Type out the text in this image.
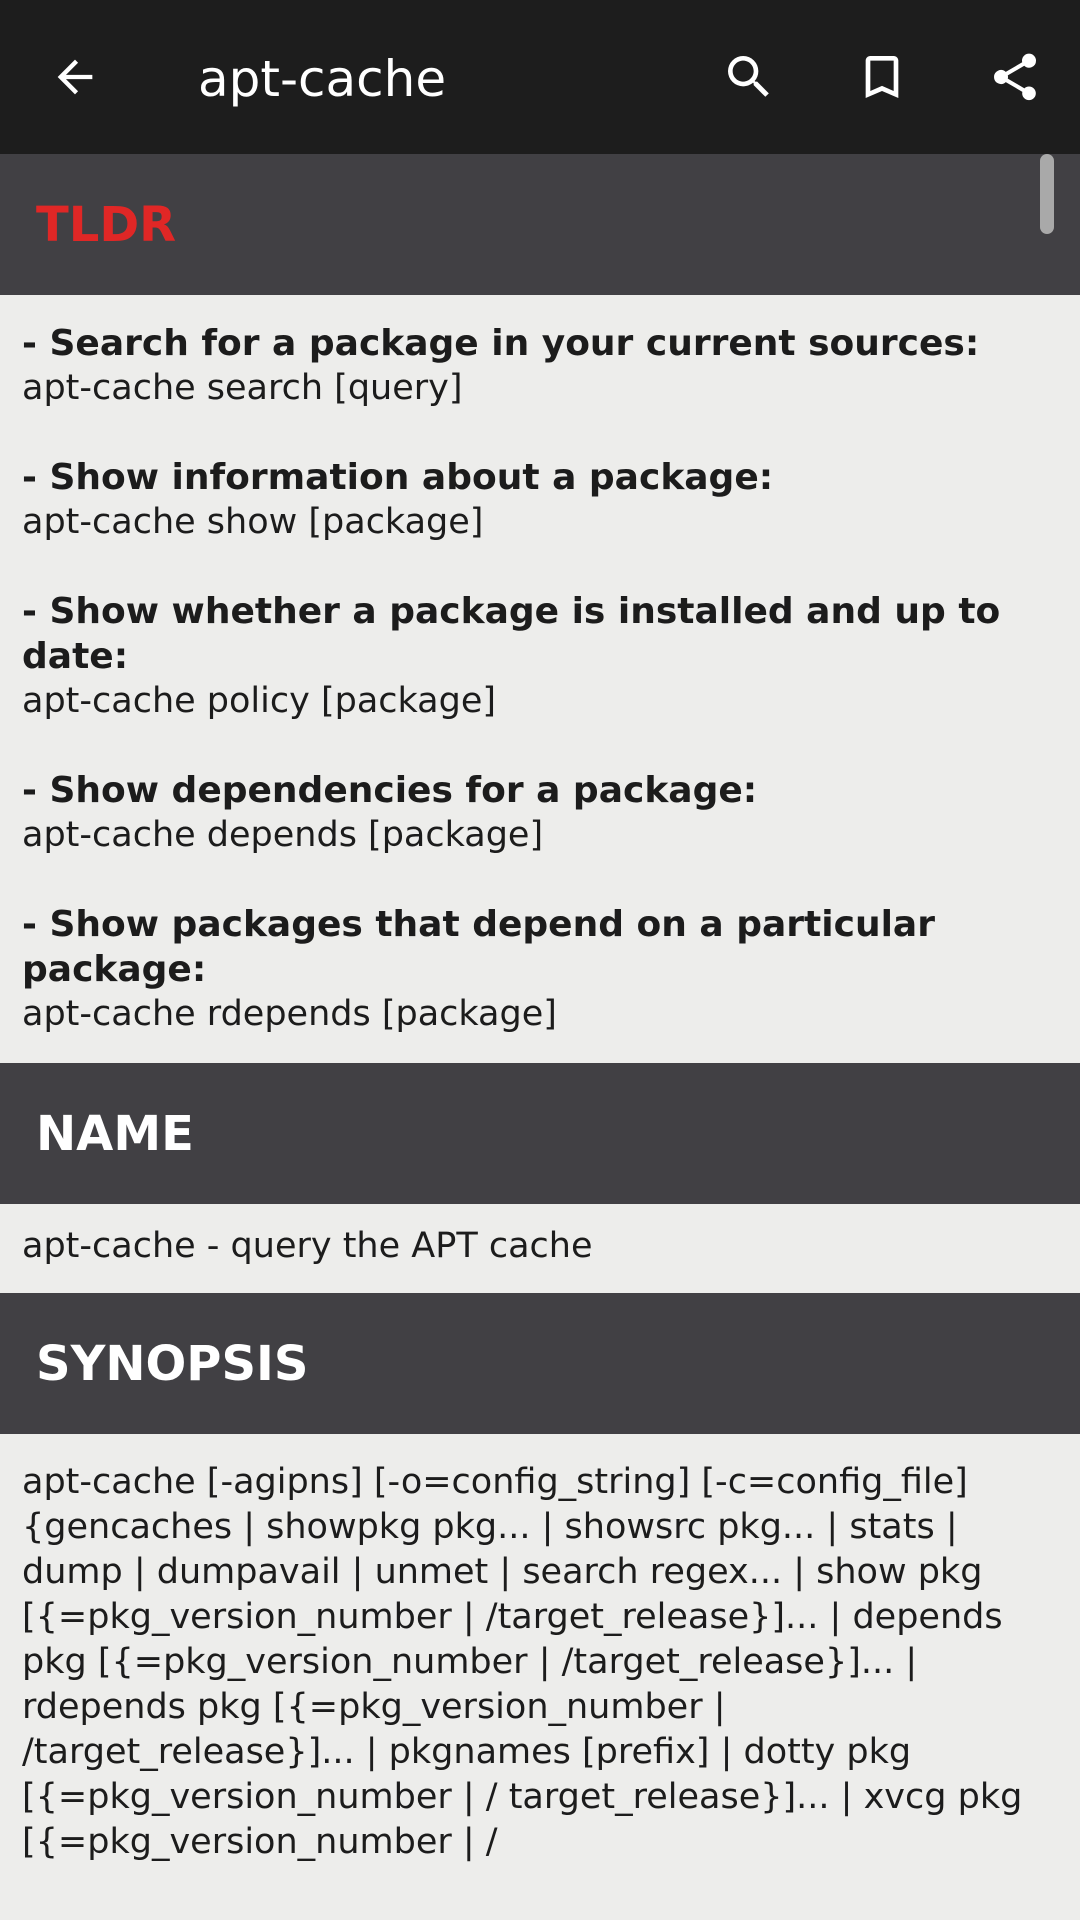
apt-cache
TLDR
- Search for a package in your current sources:
apt-cache search [query]
- Show information about a package:
apt-cache show [package]
- Show whether a package is installed and up to date:
apt-cache policy [package]
- Show dependencies for a package:
apt-cache depends [package]
- Show packages that depend on a particular package:
apt-cache rdepends [package]
NAME
apt-cache - query the APT cache
SYNOPSIS
apt-cache [-agipns] [-o=config_string] [-c=config_file] {gencaches | showpkg pkg... | showsrc pkg... | stats | dump | dumpavail | unmet | search regex... | show pkg [{=pkg_version_number | /target_release}]... | depends pkg [{=pkg_version_number | /target_release}]... | rdepends pkg [{=pkg_version_number | /target_release}]... | pkgnames [prefix] | dotty pkg [{=pkg_version_number | / target_release}]... | xvcg pkg [{=pkg_version_number | /
